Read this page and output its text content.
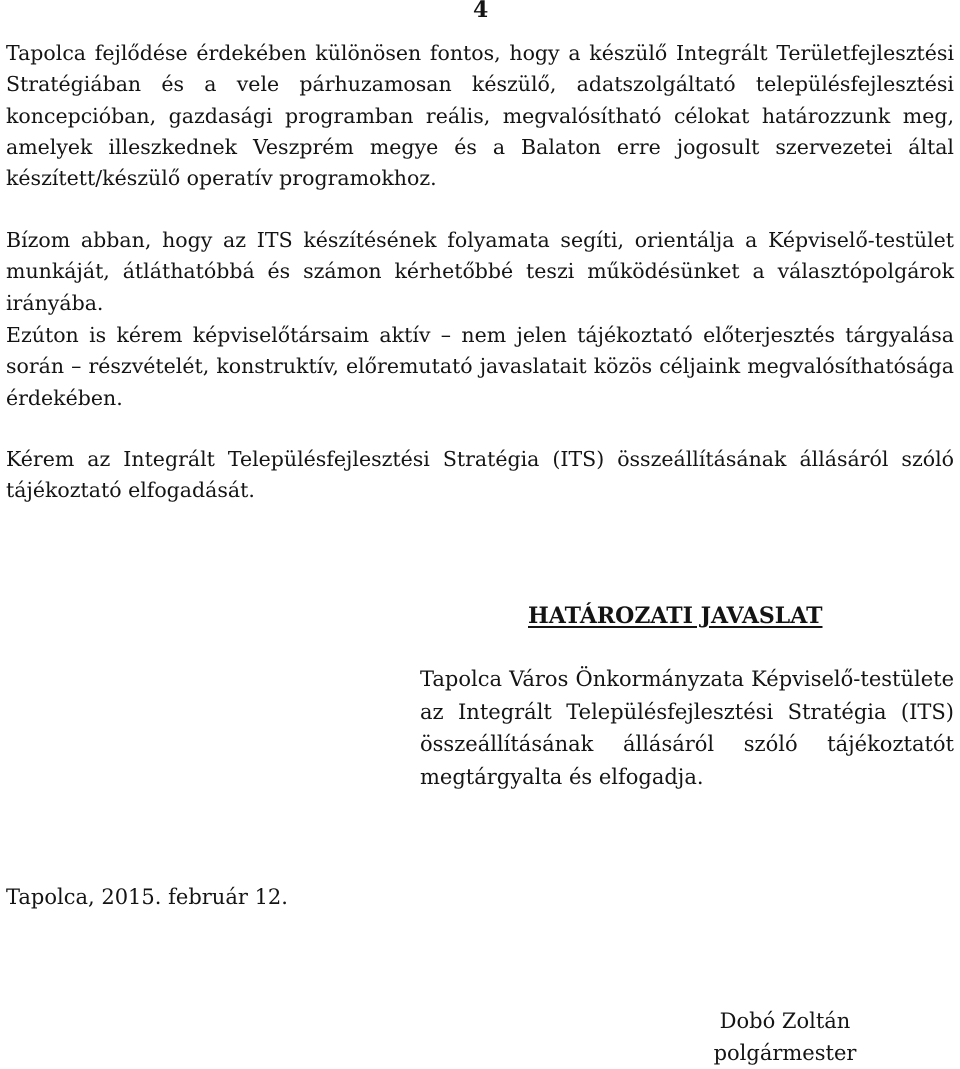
4

Tapolca fejlődése érdekében különösen fontos, hogy a készülő Integrált Területfejlesztési Stratégiában és a vele párhuzamosan készülő, adatszolgáltató településfejlesztési koncepcióban, gazdasági programban reális, megvalósítható célokat határozzunk meg, amelyek illeszkednek Veszprém megye és a Balaton erre jogosult szervezetei által készített/készülő operatív programokhoz.

Bízom abban, hogy az ITS készítésének folyamata segíti, orientálja a Képviselő-testület munkáját, átláthatóbbá és számon kérhetőbbé teszi működésünket a választópolgárok irányába.

Ezúton is kérem képviselőtársaim aktív – nem jelen tájékoztató előterjesztés tárgyalása során – részvételét, konstruktív, előremutató javaslatait közös céljaink megvalósíthatósága érdekében.

Kérem az Integrált Településfejlesztési Stratégia (ITS) összeállításának állásáról szóló tájékoztató elfogadását.

HATÁROZATI JAVASLAT

Tapolca Város Önkormányzata Képviselő-testülete az Integrált Településfejlesztési Stratégia (ITS) összeállításának állásáról szóló tájékoztatót megtárgyalta és elfogadja.

Tapolca, 2015. február 12.

Dobó Zoltán
polgármester
